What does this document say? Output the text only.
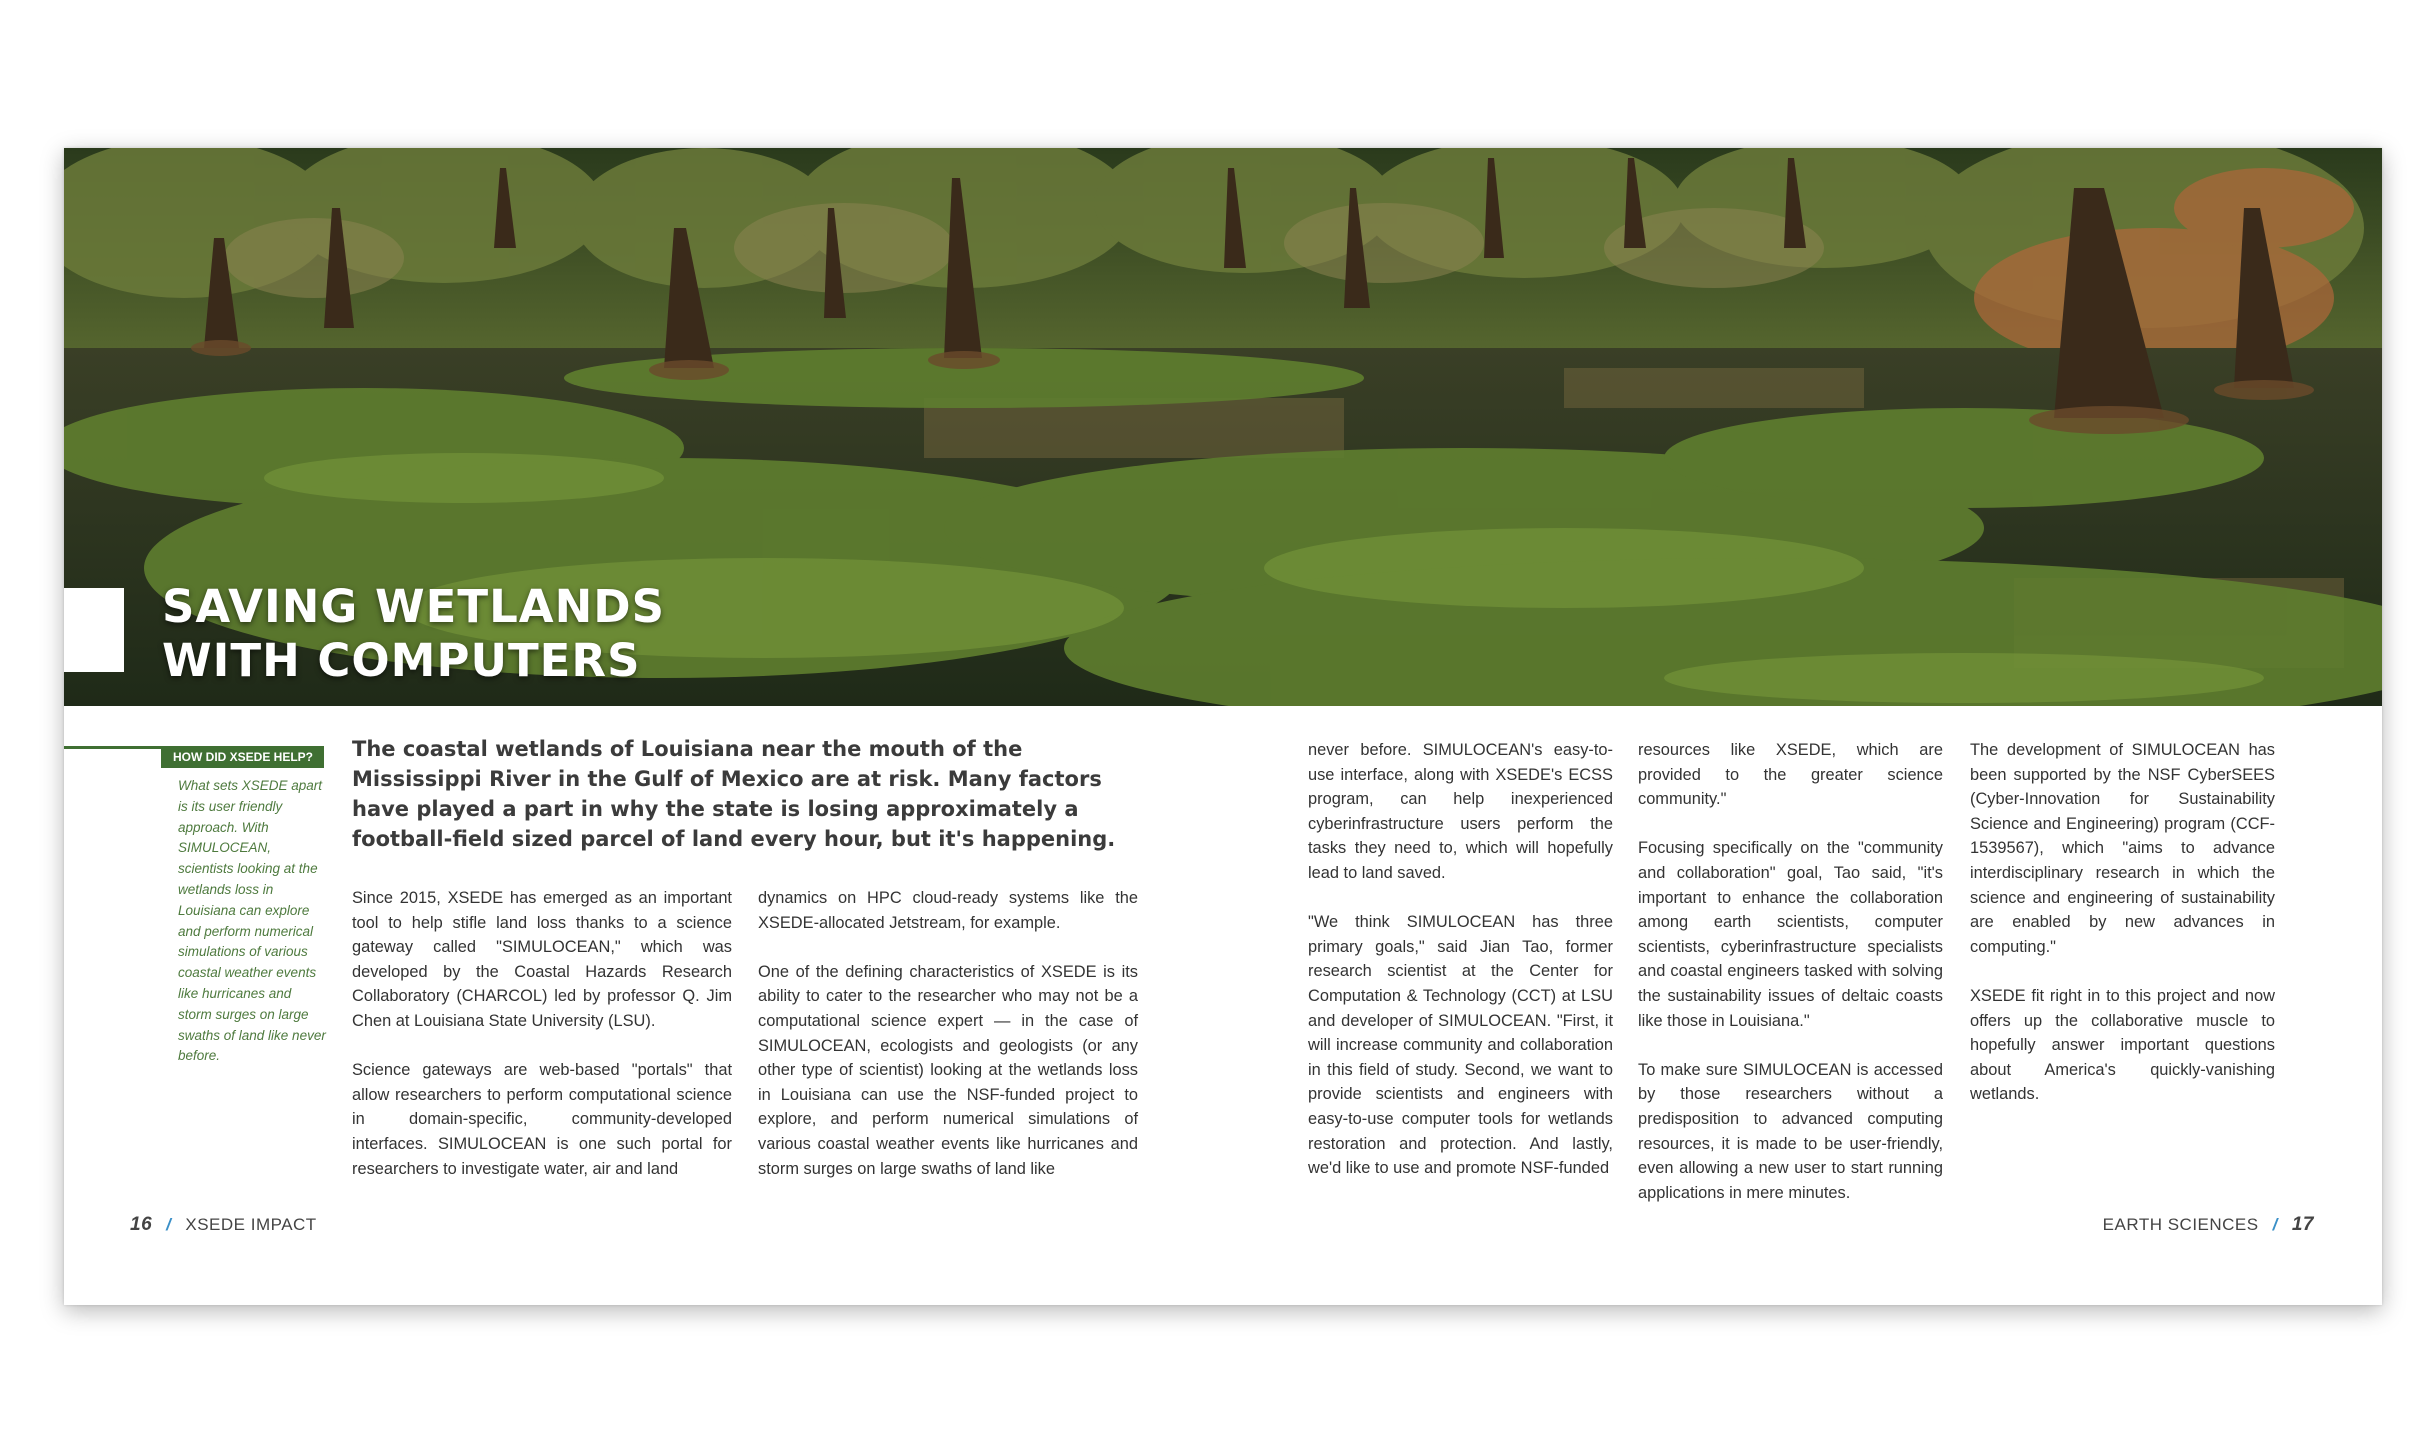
SAVING WETLANDS
WITH COMPUTERS
HOW DID XSEDE HELP?

What sets XSEDE apart is its user friendly approach. With SIMULOCEAN, scientists looking at the wetlands loss in Louisiana can explore and perform numerical simulations of various coastal weather events like hurricanes and storm surges on large swaths of land like never before.

The coastal wetlands of Louisiana near the mouth of the Mississippi River in the Gulf of Mexico are at risk. Many factors have played a part in why the state is losing approximately a football-field sized parcel of land every hour, but it's happening.

Since 2015, XSEDE has emerged as an important tool to help stifle land loss thanks to a science gateway called "SIMULOCEAN," which was developed by the Coastal Hazards Research Collaboratory (CHARCOL) led by professor Q. Jim Chen at Louisiana State University (LSU).

Science gateways are web-based "portals" that allow researchers to perform computational science in domain-specific, community-developed interfaces. SIMULOCEAN is one such portal for researchers to investigate water, air and land

dynamics on HPC cloud-ready systems like the XSEDE-allocated Jetstream, for example.

One of the defining characteristics of XSEDE is its ability to cater to the researcher who may not be a computational science expert — in the case of SIMULOCEAN, ecologists and geologists (or any other type of scientist) looking at the wetlands loss in Louisiana can use the NSF-funded project to explore, and perform numerical simulations of various coastal weather events like hurricanes and storm surges on large swaths of land like

never before. SIMULOCEAN's easy-to-use interface, along with XSEDE's ECSS program, can help inexperienced cyberinfrastructure users perform the tasks they need to, which will hopefully lead to land saved.

"We think SIMULOCEAN has three primary goals," said Jian Tao, former research scientist at the Center for Computation & Technology (CCT) at LSU and developer of SIMULOCEAN. "First, it will increase community and collaboration in this field of study. Second, we want to provide scientists and engineers with easy-to-use computer tools for wetlands restoration and protection. And lastly, we'd like to use and promote NSF-funded

resources like XSEDE, which are provided to the greater science community."

Focusing specifically on the "community and collaboration" goal, Tao said, "it's important to enhance the collaboration among earth scientists, computer scientists, cyberinfrastructure specialists and coastal engineers tasked with solving the sustainability issues of deltaic coasts like those in Louisiana."

To make sure SIMULOCEAN is accessed by those researchers without a predisposition to advanced computing resources, it is made to be user-friendly, even allowing a new user to start running applications in mere minutes.

The development of SIMULOCEAN has been supported by the NSF CyberSEES (Cyber-Innovation for Sustainability Science and Engineering) program (CCF-1539567), which "aims to advance interdisciplinary research in which the science and engineering of sustainability are enabled by new advances in computing."

XSEDE fit right in to this project and now offers up the collaborative muscle to hopefully answer important questions about America's quickly-vanishing wetlands.

16 / XSEDE IMPACT	EARTH SCIENCES / 17
